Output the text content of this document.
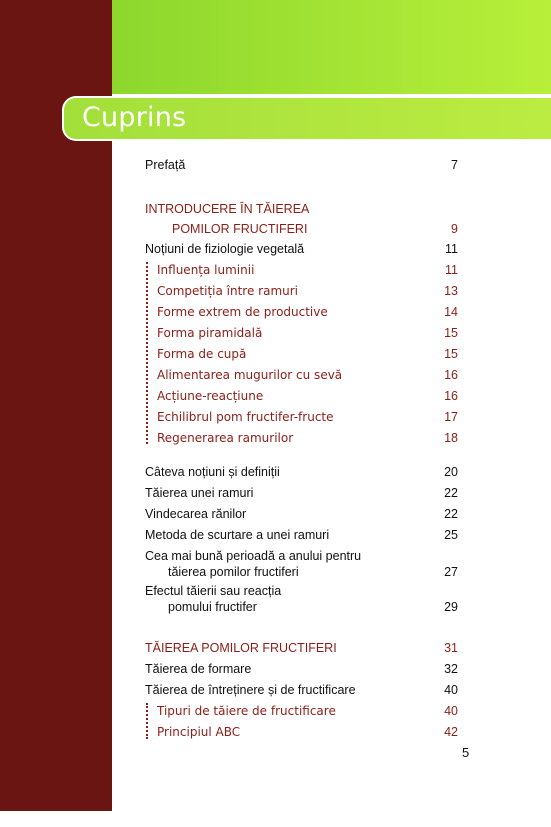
Cuprins
Prefață	7
INTRODUCERE ÎN TĂIEREA
POMILOR FRUCTIFERI	9
Noțiuni de fiziologie vegetală	11
Influența luminii	11
Competiția între ramuri	13
Forme extrem de productive	14
Forma piramidală	15
Forma de cupă	15
Alimentarea mugurilor cu sevă	16
Acțiune-reacțiune	16
Echilibrul pom fructifer-fructe	17
Regenerarea ramurilor	18
Câteva noțiuni și definiții	20
Tăierea unei ramuri	22
Vindecarea rănilor	22
Metoda de scurtare a unei ramuri	25
Cea mai bună perioadă a anului pentru
tăierea pomilor fructiferi	27
Efectul tăierii sau reacția
pomului fructifer	29
TĂIEREA POMILOR FRUCTIFERI	31
Tăierea de formare	32
Tăierea de întreținere și de fructificare	40
Tipuri de tăiere de fructificare	40
Principiul ABC	42
5
